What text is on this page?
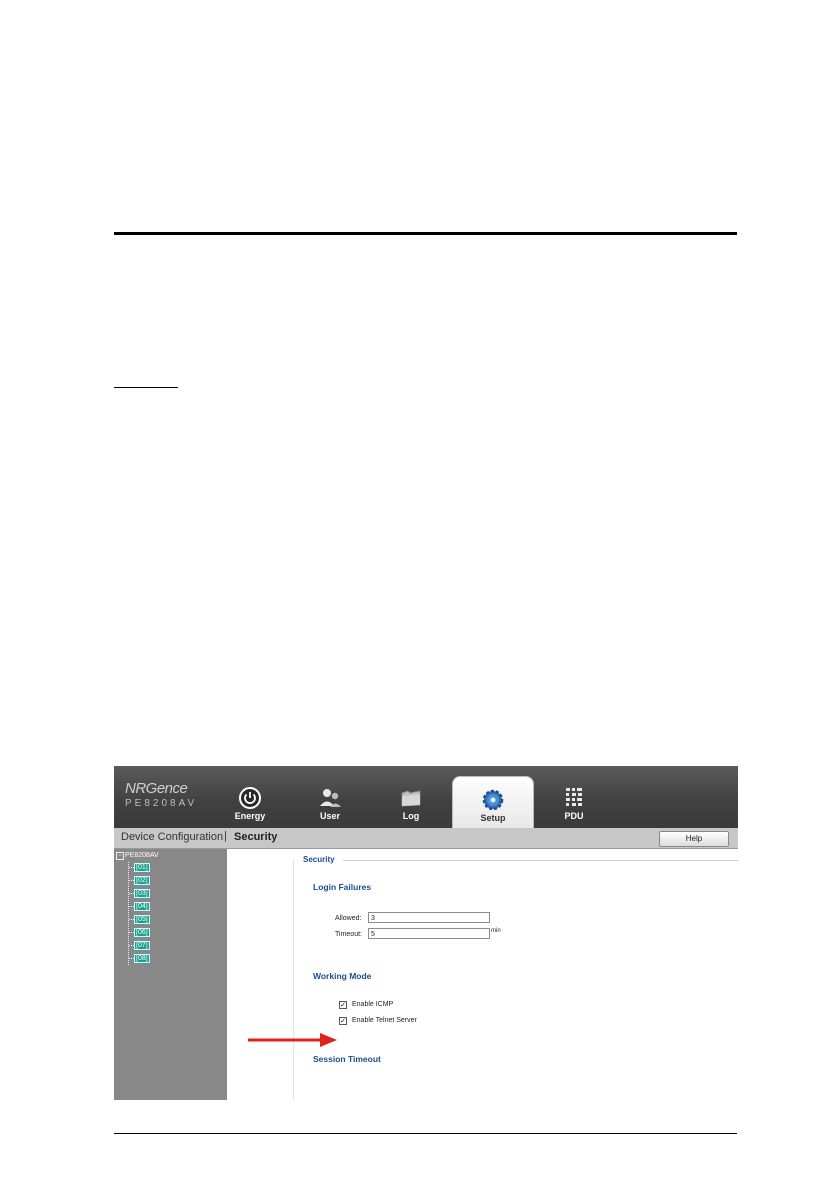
NRGence
PE8208AV
Energy	User	Log	Setup	PDU
Device Configuration | Security	Help
− PE8208AV
[01]
[02]
[03]
[04]
[05]
[06]
[07]
[08]
Security
Login Failures
Allowed:	3
Timeout:	5	min
Working Mode
✓ Enable ICMP
✓ Enable Telnet Server
Session Timeout
